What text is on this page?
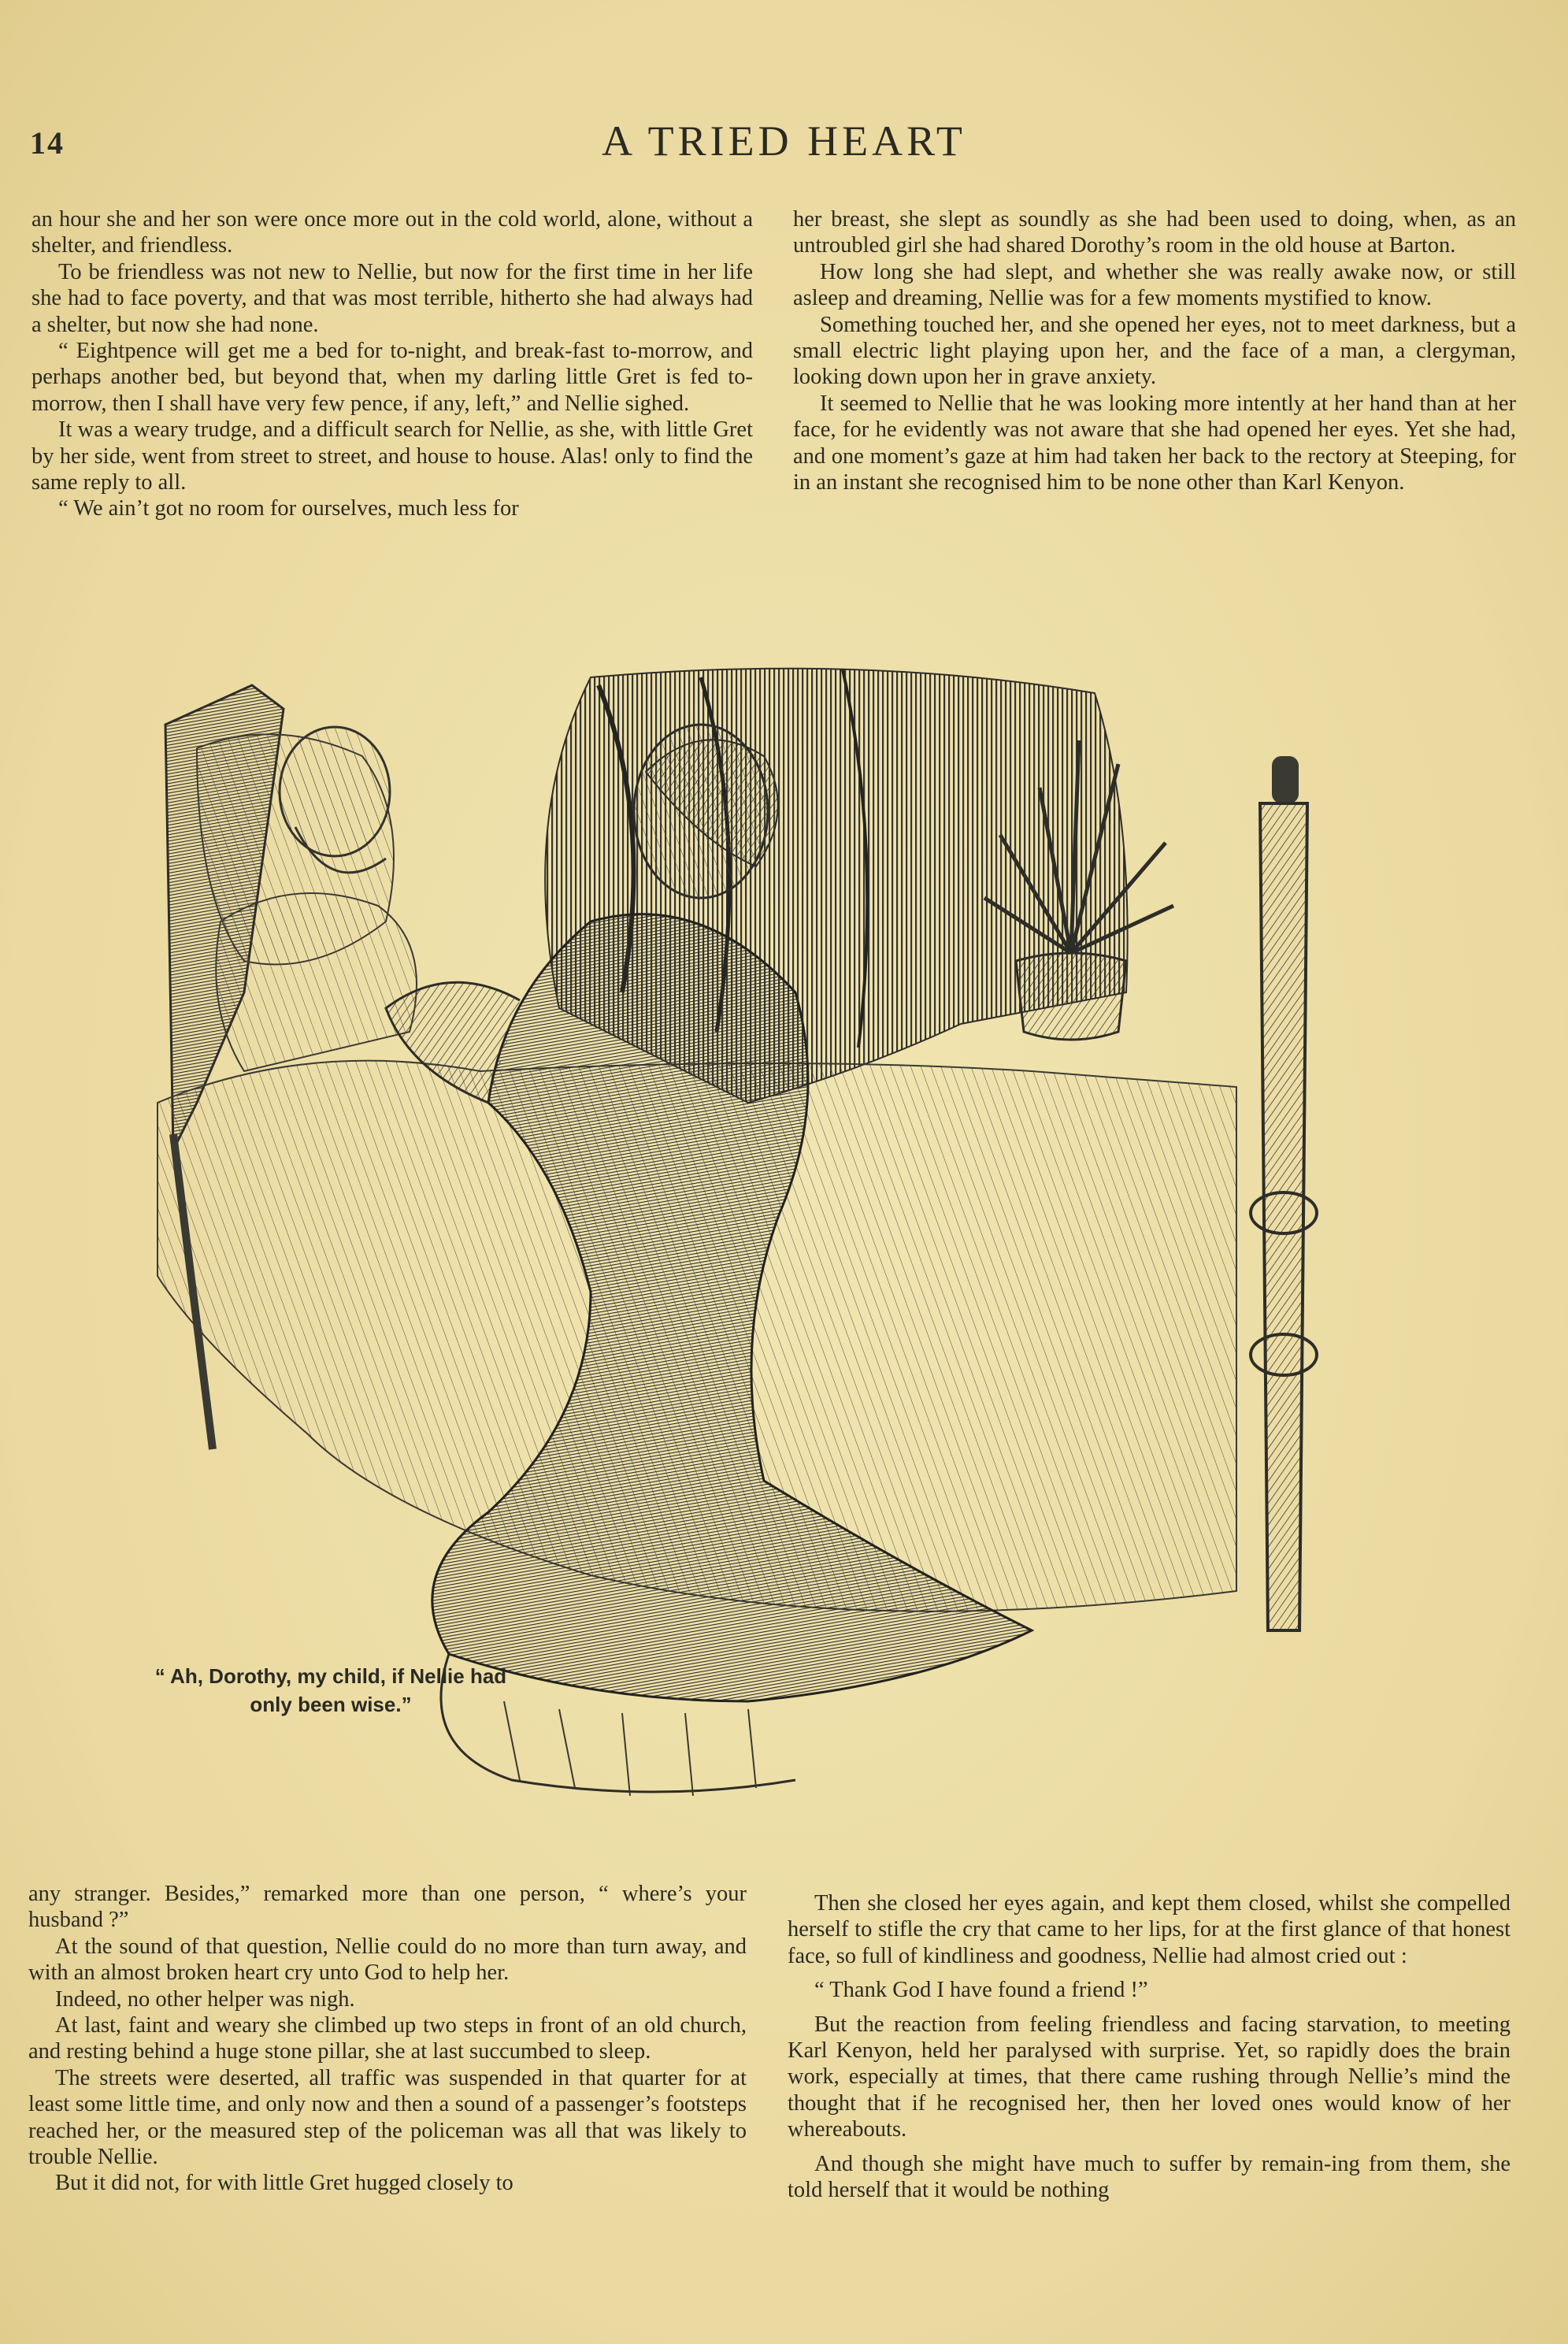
14	A TRIED HEART

an hour she and her son were once more out in the cold world, alone, without a shelter, and friendless.

To be friendless was not new to Nellie, but now for the first time in her life she had to face poverty, and that was most terrible, hitherto she had always had a shelter, but now she had none.

“ Eightpence will get me a bed for to-night, and break-fast to-morrow, and perhaps another bed, but beyond that, when my darling little Gret is fed to-morrow, then I shall have very few pence, if any, left,” and Nellie sighed.

It was a weary trudge, and a difficult search for Nellie, as she, with little Gret by her side, went from street to street, and house to house. Alas! only to find the same reply to all.

“ We ain’t got no room for ourselves, much less for

her breast, she slept as soundly as she had been used to doing, when, as an untroubled girl she had shared Dorothy’s room in the old house at Barton.

How long she had slept, and whether she was really awake now, or still asleep and dreaming, Nellie was for a few moments mystified to know.

Something touched her, and she opened her eyes, not to meet darkness, but a small electric light playing upon her, and the face of a man, a clergyman, looking down upon her in grave anxiety.

It seemed to Nellie that he was looking more intently at her hand than at her face, for he evidently was not aware that she had opened her eyes. Yet she had, and one moment’s gaze at him had taken her back to the rectory at Steeping, for in an instant she recognised him to be none other than Karl Kenyon.

“ Ah, Dorothy, my child, if Nellie had only been wise.”

any stranger. Besides,” remarked more than one person, “ where’s your husband ?”

At the sound of that question, Nellie could do no more than turn away, and with an almost broken heart cry unto God to help her.

Indeed, no other helper was nigh.

At last, faint and weary she climbed up two steps in front of an old church, and resting behind a huge stone pillar, she at last succumbed to sleep.

The streets were deserted, all traffic was suspended in that quarter for at least some little time, and only now and then a sound of a passenger’s footsteps reached her, or the measured step of the policeman was all that was likely to trouble Nellie.

But it did not, for with little Gret hugged closely to

Then she closed her eyes again, and kept them closed, whilst she compelled herself to stifle the cry that came to her lips, for at the first glance of that honest face, so full of kindliness and goodness, Nellie had almost cried out :

“ Thank God I have found a friend !”

But the reaction from feeling friendless and facing starvation, to meeting Karl Kenyon, held her paralysed with surprise. Yet, so rapidly does the brain work, especially at times, that there came rushing through Nellie’s mind the thought that if he recognised her, then her loved ones would know of her whereabouts.

And though she might have much to suffer by remain-ing from them, she told herself that it would be nothing
